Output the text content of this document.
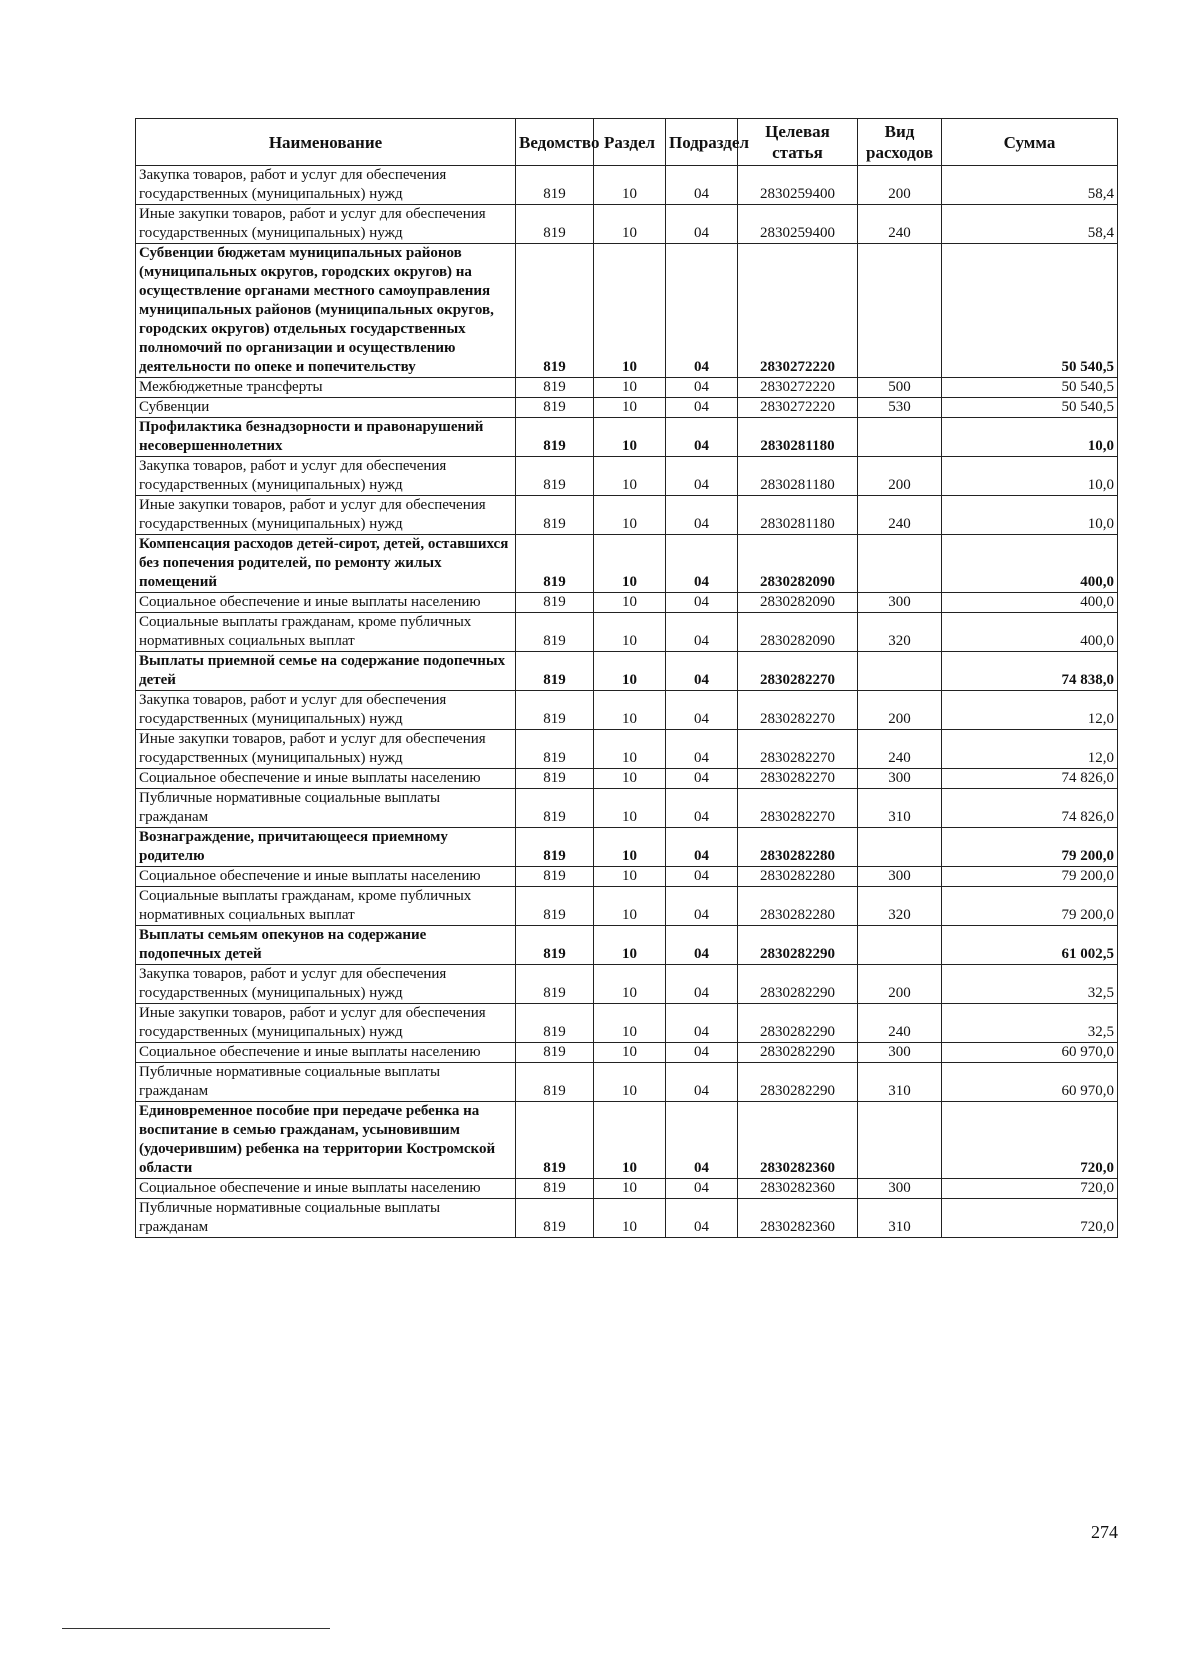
Наименование	Ведомство	Раздел	Подраздел	Целевая статья	Вид расходов	Сумма
Закупка товаров, работ и услуг для обеспечения государственных (муниципальных) нужд	819	10	04	2830259400	200	58,4
Иные закупки товаров, работ и услуг для обеспечения государственных (муниципальных) нужд	819	10	04	2830259400	240	58,4
Субвенции бюджетам муниципальных районов (муниципальных округов, городских округов) на осуществление органами местного самоуправления муниципальных районов (муниципальных округов, городских округов) отдельных государственных полномочий по организации и осуществлению деятельности по опеке и попечительству	819	10	04	2830272220		50 540,5
Межбюджетные трансферты	819	10	04	2830272220	500	50 540,5
Субвенции	819	10	04	2830272220	530	50 540,5
Профилактика безнадзорности и правонарушений несовершеннолетних	819	10	04	2830281180		10,0
Закупка товаров, работ и услуг для обеспечения государственных (муниципальных) нужд	819	10	04	2830281180	200	10,0
Иные закупки товаров, работ и услуг для обеспечения государственных (муниципальных) нужд	819	10	04	2830281180	240	10,0
Компенсация расходов детей-сирот, детей, оставшихся без попечения родителей, по ремонту жилых помещений	819	10	04	2830282090		400,0
Социальное обеспечение и иные выплаты населению	819	10	04	2830282090	300	400,0
Социальные выплаты гражданам, кроме публичных нормативных социальных выплат	819	10	04	2830282090	320	400,0
Выплаты приемной семье на содержание подопечных детей	819	10	04	2830282270		74 838,0
Закупка товаров, работ и услуг для обеспечения государственных (муниципальных) нужд	819	10	04	2830282270	200	12,0
Иные закупки товаров, работ и услуг для обеспечения государственных (муниципальных) нужд	819	10	04	2830282270	240	12,0
Социальное обеспечение и иные выплаты населению	819	10	04	2830282270	300	74 826,0
Публичные нормативные социальные выплаты гражданам	819	10	04	2830282270	310	74 826,0
Вознаграждение, причитающееся приемному родителю	819	10	04	2830282280		79 200,0
Социальное обеспечение и иные выплаты населению	819	10	04	2830282280	300	79 200,0
Социальные выплаты гражданам, кроме публичных нормативных социальных выплат	819	10	04	2830282280	320	79 200,0
Выплаты семьям опекунов на содержание подопечных детей	819	10	04	2830282290		61 002,5
Закупка товаров, работ и услуг для обеспечения государственных (муниципальных) нужд	819	10	04	2830282290	200	32,5
Иные закупки товаров, работ и услуг для обеспечения государственных (муниципальных) нужд	819	10	04	2830282290	240	32,5
Социальное обеспечение и иные выплаты населению	819	10	04	2830282290	300	60 970,0
Публичные нормативные социальные выплаты гражданам	819	10	04	2830282290	310	60 970,0
Единовременное пособие при передаче ребенка на воспитание в семью гражданам, усыновившим (удочерившим) ребенка на территории Костромской области	819	10	04	2830282360		720,0
Социальное обеспечение и иные выплаты населению	819	10	04	2830282360	300	720,0
Публичные нормативные социальные выплаты гражданам	819	10	04	2830282360	310	720,0
274
